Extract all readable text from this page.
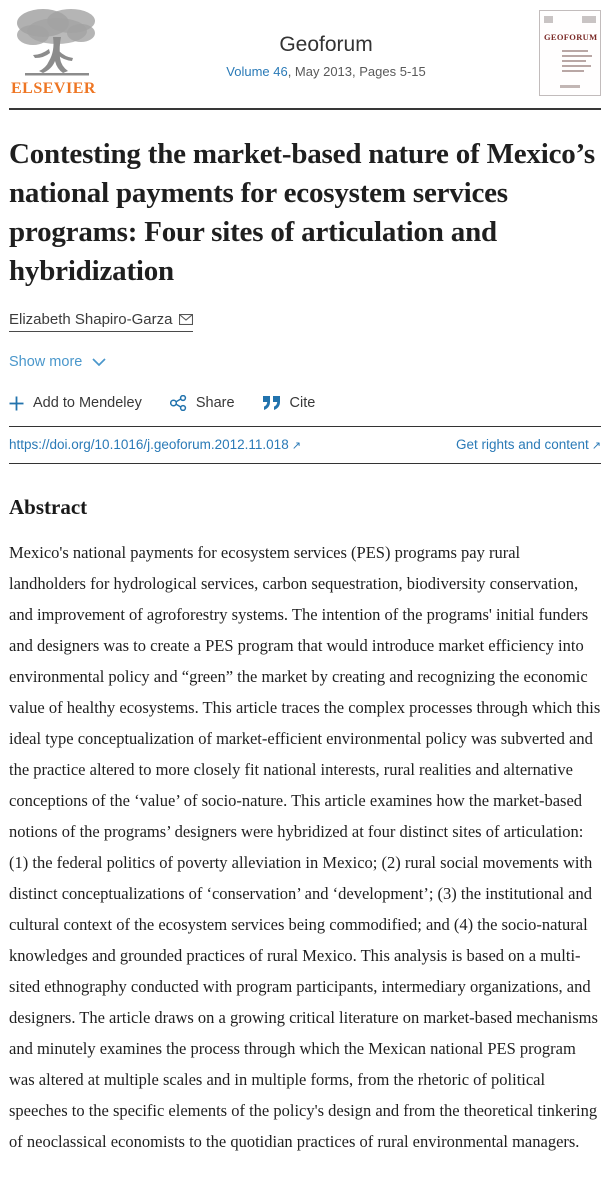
ELSEVIER
Geoforum
Volume 46, May 2013, Pages 5-15
GEOFORUM
Contesting the market-based nature of Mexico’s national payments for ecosystem services programs: Four sites of articulation and hybridization
Elizabeth Shapiro-Garza
Show more
Add to Mendeley	Share	Cite
https://doi.org/10.1016/j.geoforum.2012.11.018 ↗	Get rights and content ↗
Abstract

Mexico's national payments for ecosystem services (PES) programs pay rural landholders for hydrological services, carbon sequestration, biodiversity conservation, and improvement of agroforestry systems. The intention of the programs' initial funders and designers was to create a PES program that would introduce market efficiency into environmental policy and “green” the market by creating and recognizing the economic value of healthy ecosystems. This article traces the complex processes through which this ideal type conceptualization of market-efficient environmental policy was subverted and the practice altered to more closely fit national interests, rural realities and alternative conceptions of the ‘value’ of socio-nature. This article examines how the market-based notions of the programs’ designers were hybridized at four distinct sites of articulation: (1) the federal politics of poverty alleviation in Mexico; (2) rural social movements with distinct conceptualizations of ‘conservation’ and ‘development’; (3) the institutional and cultural context of the ecosystem services being commodified; and (4) the socio-natural knowledges and grounded practices of rural Mexico. This analysis is based on a multi-sited ethnography conducted with program participants, intermediary organizations, and designers. The article draws on a growing critical literature on market-based mechanisms and minutely examines the process through which the Mexican national PES program was altered at multiple scales and in multiple forms, from the rhetoric of political speeches to the specific elements of the policy's design and from the theoretical tinkering of neoclassical economists to the quotidian practices of rural environmental managers.
